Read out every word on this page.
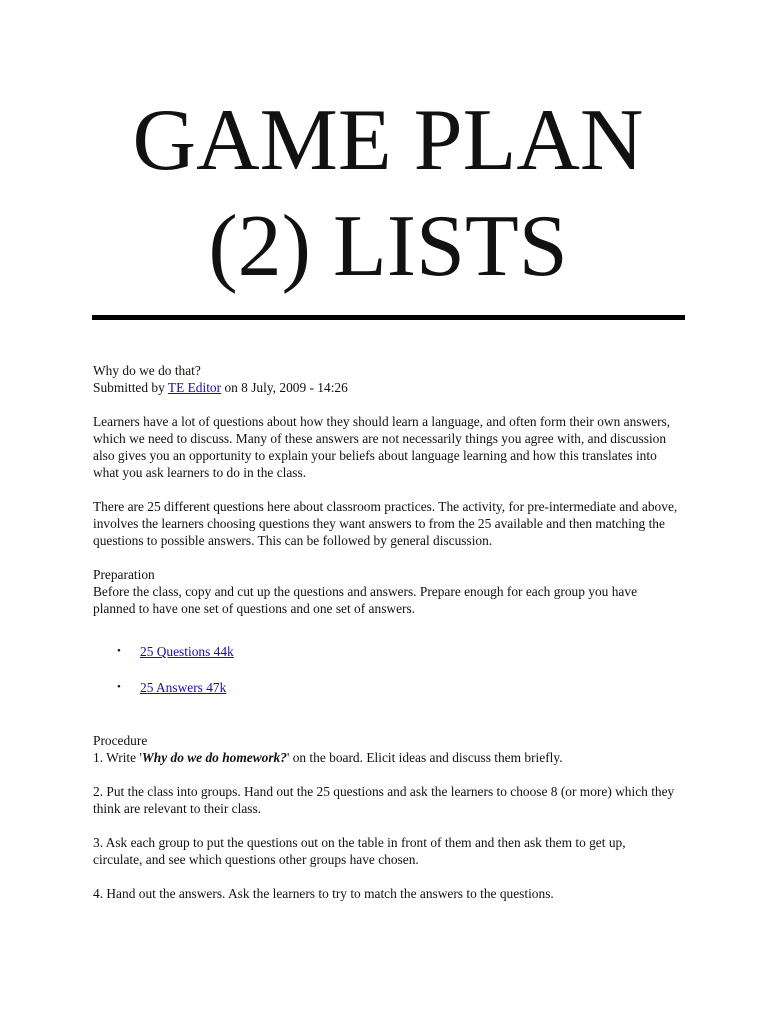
GAME PLAN
(2) LISTS

Why do we do that?

Submitted by TE Editor on 8 July, 2009 - 14:26

Learners have a lot of questions about how they should learn a language, and often form their own answers, which we need to discuss. Many of these answers are not necessarily things you agree with, and discussion also gives you an opportunity to explain your beliefs about language learning and how this translates into what you ask learners to do in the class.

There are 25 different questions here about classroom practices. The activity, for pre-intermediate and above, involves the learners choosing questions they want answers to from the 25 available and then matching the questions to possible answers. This can be followed by general discussion.

Preparation

Before the class, copy and cut up the questions and answers. Prepare enough for each group you have planned to have one set of questions and one set of answers.

• 25 Questions 44k
• 25 Answers 47k

Procedure

1. Write 'Why do we do homework?' on the board. Elicit ideas and discuss them briefly.

2. Put the class into groups. Hand out the 25 questions and ask the learners to choose 8 (or more) which they think are relevant to their class.

3. Ask each group to put the questions out on the table in front of them and then ask them to get up, circulate, and see which questions other groups have chosen.

4. Hand out the answers. Ask the learners to try to match the answers to the questions.
